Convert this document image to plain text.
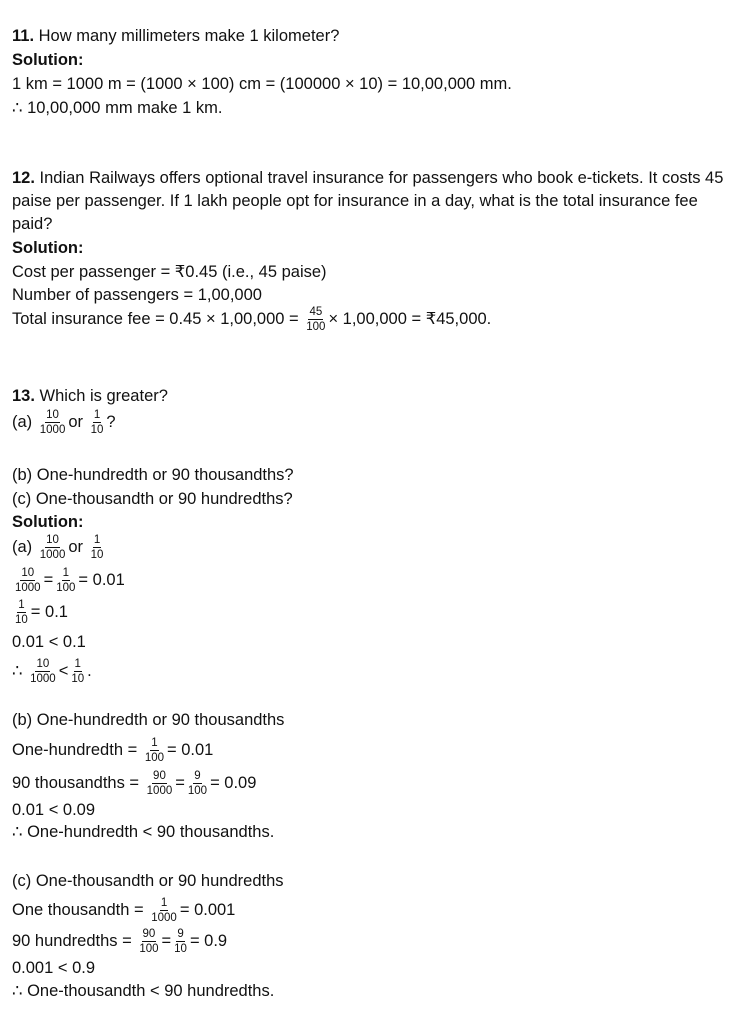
11. How many millimeters make 1 kilometer?
Solution:
1 km = 1000 m = (1000 × 100) cm = (100000 × 10) = 10,00,000 mm.
∴ 10,00,000 mm make 1 km.
12. Indian Railways offers optional travel insurance for passengers who book e-tickets. It costs 45 paise per passenger. If 1 lakh people opt for insurance in a day, what is the total insurance fee paid?
Solution:
Cost per passenger = ₹0.45 (i.e., 45 paise)
Number of passengers = 1,00,000
Total insurance fee = $0.45 \times 1,00,000 = \frac{45}{100} \times 1,00,000$ = ₹45,000.
13. Which is greater?
$(a) \frac{10}{1000}$ or $\frac{1}{10}$ ?
(b) One-hundredth or 90 thousandths?
(c) One-thousandth or 90 hundredths?
Solution:
$(a) \frac{10}{1000}$ or $\frac{1}{10}$
$\frac{10}{1000} = \frac{1}{100} = 0.01$
$\frac{1}{10} = 0.1$
0.01 < 0.1
∴ $\frac{10}{1000} < \frac{1}{10}$ .
(b) One-hundredth or 90 thousandths
One-hundredth = $\frac{1}{100} = 0.01$
90 thousandths = $\frac{90}{1000} = \frac{9}{100} = 0.09$
0.01 < 0.09
∴ One-hundredth < 90 thousandths.
(c) One-thousandth or 90 hundredths
One thousandth = $\frac{1}{1000} = 0.001$
90 hundredths = $\frac{90}{100} = \frac{9}{10} = 0.9$
0.001 < 0.9
∴ One-thousandth < 90 hundredths.
